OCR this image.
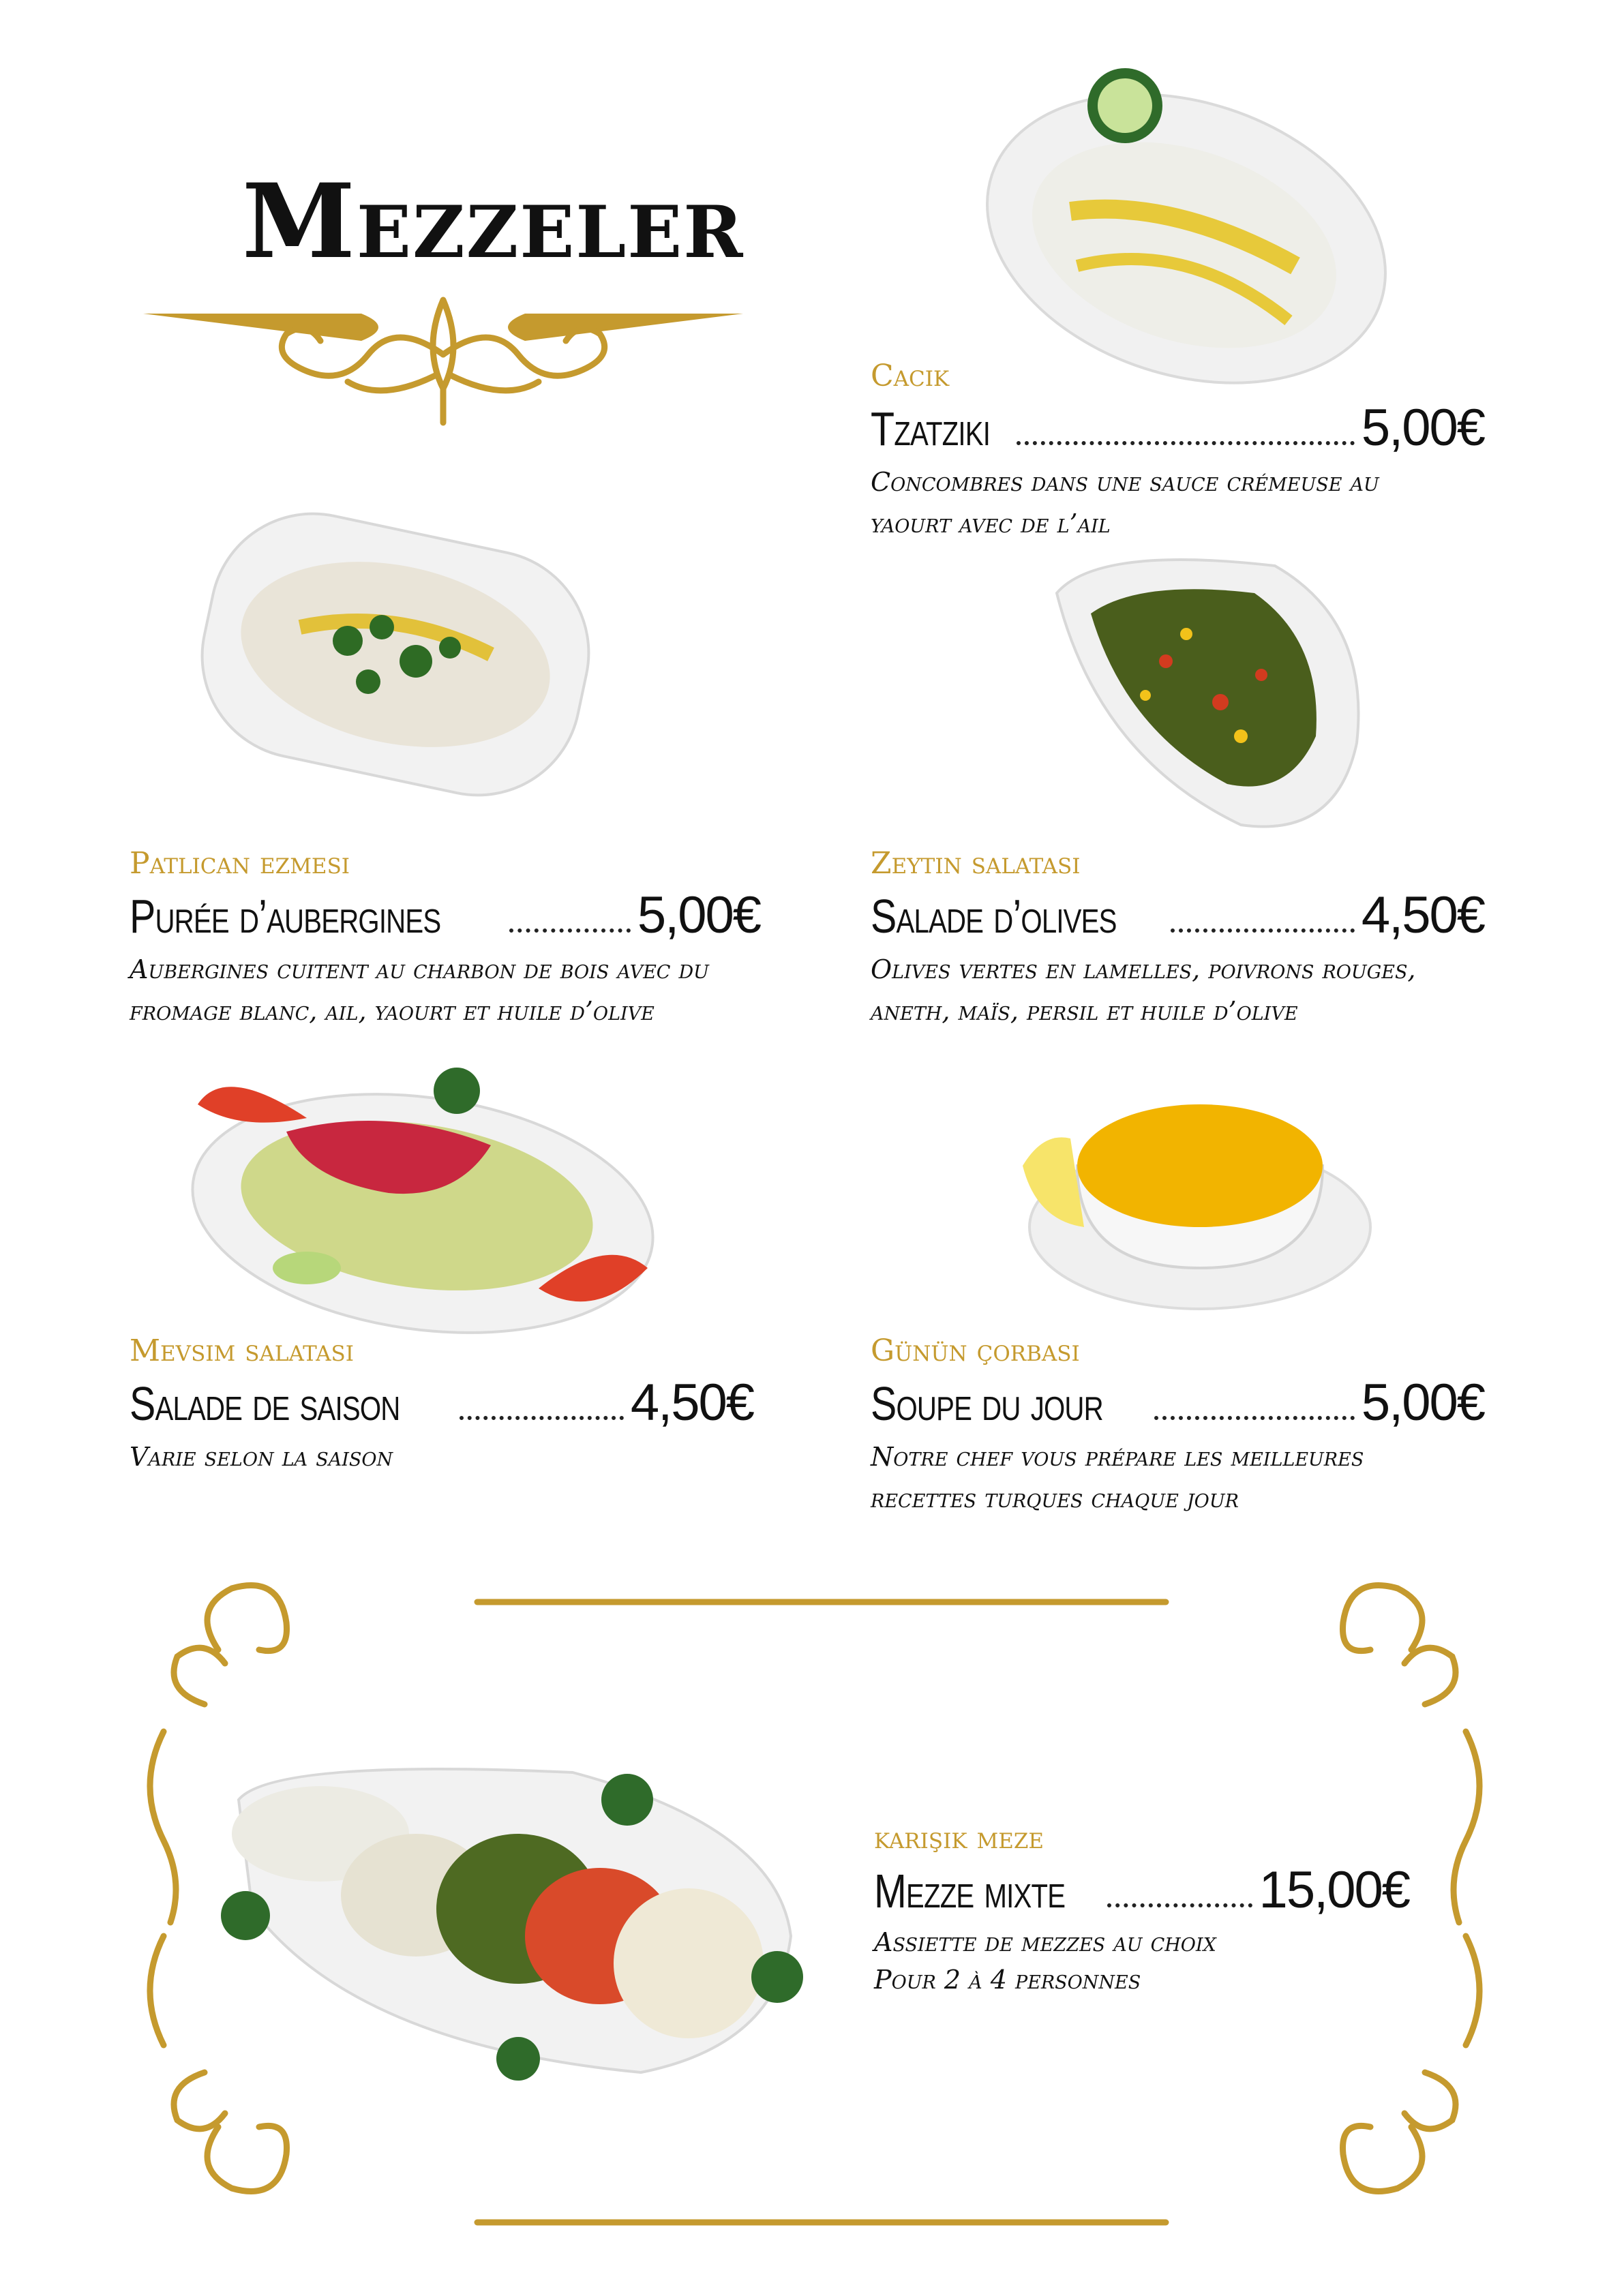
Mezzeler
Cacık
Tzatziki	5,00€
Concombres dans une sauce crémeuse au
yaourt avec de l’ail
Patlıcan ezmesi
Purée d’aubergines	5,00€
Aubergines cuitent au charbon de bois avec du
fromage blanc, ail, yaourt et huile d’olive
Zeytın salatası
Salade d’olives	4,50€
Olives vertes en lamelles, poivrons rouges,
aneth, maïs, persil et huile d’olive
Mevsım salatası
Salade de saison	4,50€
Varie selon la saison
Günün çorbası
Soupe du jour	5,00€
Notre chef vous prépare les meilleures
recettes turques chaque jour
karışık meze
Mezze mixte	15,00€
Assiette de mezzes au choix
Pour 2 à 4 personnes
